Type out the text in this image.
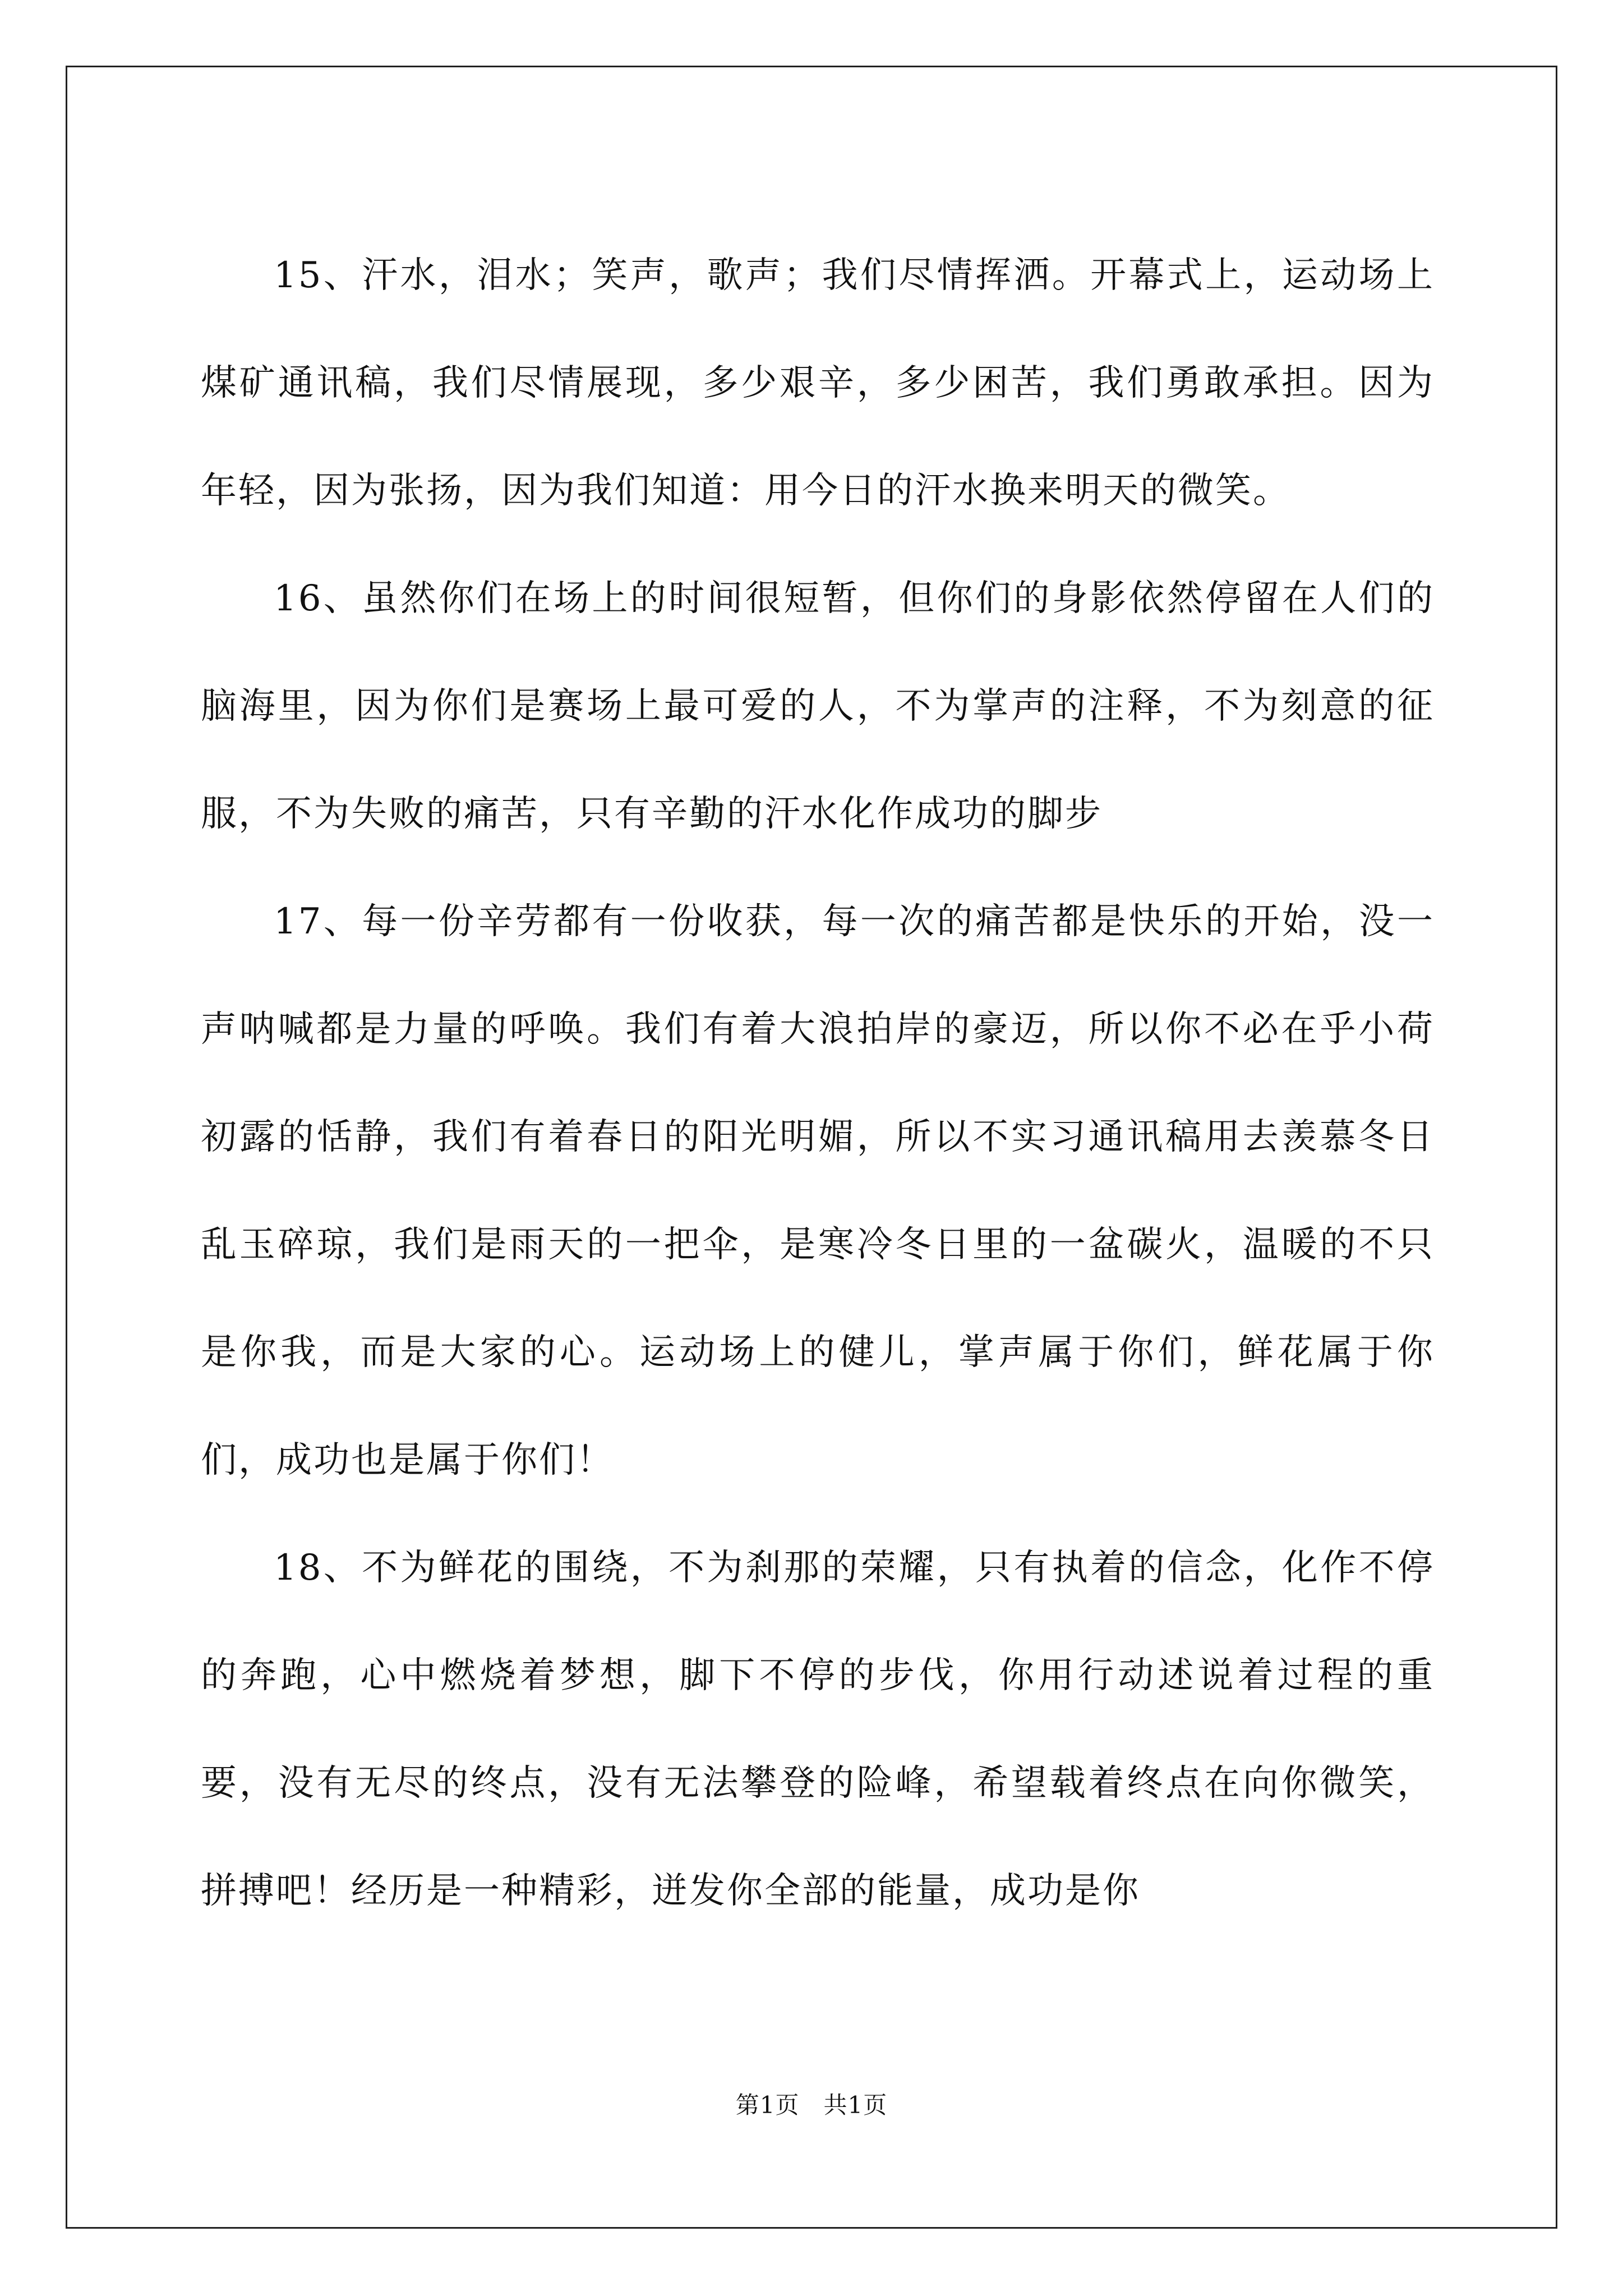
15、汗水，泪水；笑声，歌声；我们尽情挥洒。开幕式上，运动场上煤矿通讯稿，我们尽情展现，多少艰辛，多少困苦，我们勇敢承担。因为年轻，因为张扬，因为我们知道：用今日的汗水换来明天的微笑。

16、虽然你们在场上的时间很短暂，但你们的身影依然停留在人们的脑海里，因为你们是赛场上最可爱的人，不为掌声的注释，不为刻意的征服，不为失败的痛苦，只有辛勤的汗水化作成功的脚步

17、每一份辛劳都有一份收获，每一次的痛苦都是快乐的开始，没一声呐喊都是力量的呼唤。我们有着大浪拍岸的豪迈，所以你不必在乎小荷初露的恬静，我们有着春日的阳光明媚，所以不实习通讯稿用去羡慕冬日乱玉碎琼，我们是雨天的一把伞，是寒冷冬日里的一盆碳火，温暖的不只是你我，而是大家的心。运动场上的健儿，掌声属于你们，鲜花属于你们，成功也是属于你们！

18、不为鲜花的围绕，不为刹那的荣耀，只有执着的信念，化作不停的奔跑，心中燃烧着梦想，脚下不停的步伐，你用行动述说着过程的重要，没有无尽的终点，没有无法攀登的险峰，希望载着终点在向你微笑，拼搏吧！经历是一种精彩，迸发你全部的能量，成功是你

第1页　共1页
